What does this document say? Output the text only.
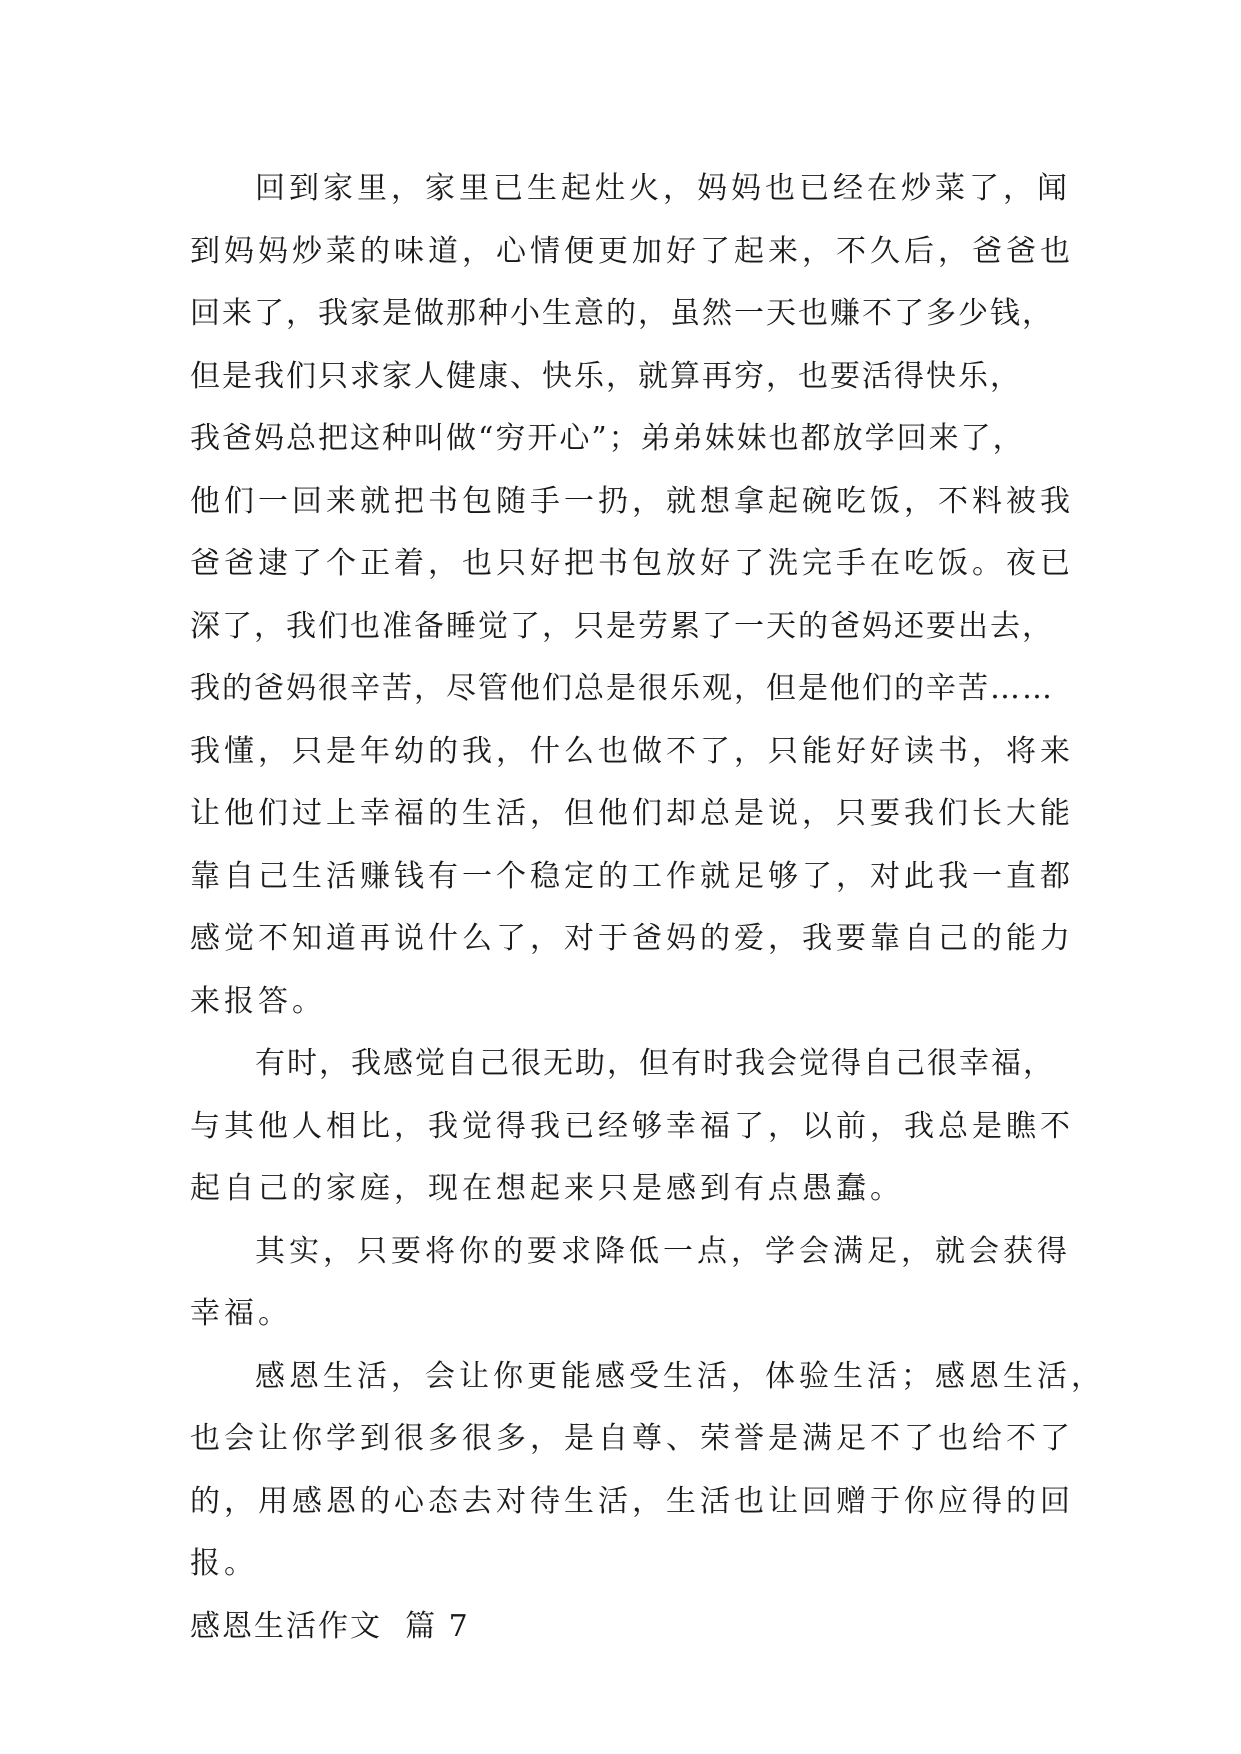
回到家里，家里已生起灶火，妈妈也已经在炒菜了，闻
到妈妈炒菜的味道，心情便更加好了起来，不久后，爸爸也
回来了，我家是做那种小生意的，虽然一天也赚不了多少钱，
但是我们只求家人健康、快乐，就算再穷，也要活得快乐，
我爸妈总把这种叫做“穷开心”；弟弟妹妹也都放学回来了，
他们一回来就把书包随手一扔，就想拿起碗吃饭，不料被我
爸爸逮了个正着，也只好把书包放好了洗完手在吃饭。夜已
深了，我们也准备睡觉了，只是劳累了一天的爸妈还要出去，
我的爸妈很辛苦，尽管他们总是很乐观，但是他们的辛苦……
我懂，只是年幼的我，什么也做不了，只能好好读书，将来
让他们过上幸福的生活，但他们却总是说，只要我们长大能
靠自己生活赚钱有一个稳定的工作就足够了，对此我一直都
感觉不知道再说什么了，对于爸妈的爱，我要靠自己的能力
来报答。
有时，我感觉自己很无助，但有时我会觉得自己很幸福，
与其他人相比，我觉得我已经够幸福了，以前，我总是瞧不
起自己的家庭，现在想起来只是感到有点愚蠢。
其实，只要将你的要求降低一点，学会满足，就会获得
幸福。
感恩生活，会让你更能感受生活，体验生活；感恩生活，
也会让你学到很多很多，是自尊、荣誉是满足不了也给不了
的，用感恩的心态去对待生活，生活也让回赠于你应得的回
报。
感恩生活作文  篇 7
